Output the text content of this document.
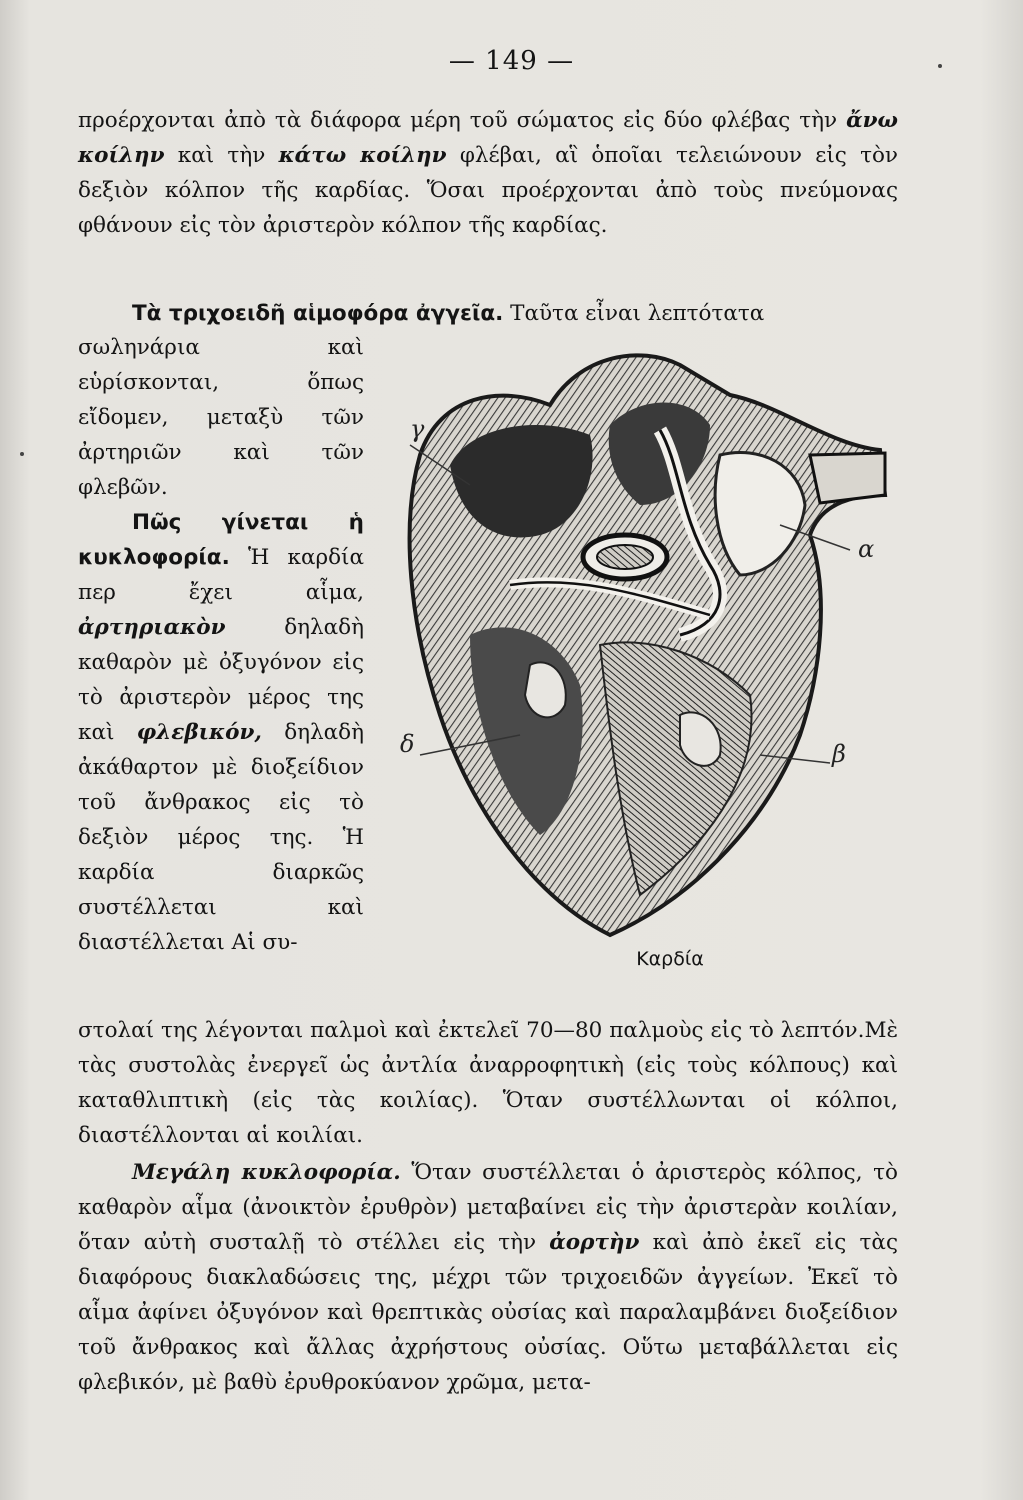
— 149 —

προέρχονται ἀπὸ τὰ διάφορα μέρη τοῦ σώματος εἰς δύο φλέβας τὴν ἄνω κοίλην καὶ τὴν κάτω κοίλην φλέβαι, αἳ ὁποῖαι τελειώνουν εἰς τὸν δεξιὸν κόλπον τῆς καρδίας. Ὅσαι προέρχονται ἀπὸ τοὺς πνεύμονας φθάνουν εἰς τὸν ἀριστερὸν κόλπον τῆς καρδίας.

Τὰ τριχοειδῆ αἱμοφόρα ἀγγεῖα. Ταῦτα εἶναι λεπτότατα

σωληνάρια καὶ εὑρίσκονται, ὅπως εἴδομεν, μεταξὺ τῶν ἀρτηριῶν καὶ τῶν φλεβῶν.

Πῶς γίνεται ἡ κυκλοφορία. Ἡ καρδία περ ἔχει αἷμα, ἀρτηριακὸν	δηλαδὴ καθαρὸν μὲ ὀξυγόνον εἰς τὸ ἀριστερὸν μέρος της καὶ φλεβικόν, δηλαδὴ ἀκάθαρτον μὲ διοξείδιον τοῦ ἄνθρακος εἰς τὸ δεξιὸν μέρος της. Ἡ καρδία διαρκῶς συστέλλεται καὶ διαστέλλεται Αἱ συ-

γ
α
δ	β
Καρδία

στολαί της λέγονται παλμοὶ καὶ ἐκτελεῖ 70—80 παλμοὺς εἰς τὸ λεπτόν.Μὲ τὰς συστολὰς ἐνεργεῖ ὡς ἀντλία ἀναρροφητικὴ (εἰς τοὺς κόλπους) καὶ καταθλιπτικὴ (εἰς τὰς κοιλίας). Ὅταν συστέλλωνται οἱ κόλποι, διαστέλλονται αἱ κοιλίαι.

Μεγάλη κυκλοφορία. Ὅταν συστέλλεται ὁ ἀριστερὸς κόλπος, τὸ καθαρὸν αἷμα (ἀνοικτὸν ἐρυθρὸν) μεταβαίνει εἰς τὴν ἀριστερὰν κοιλίαν, ὅταν αὐτὴ συσταλῇ τὸ στέλλει εἰς τὴν ἀορτὴν καὶ ἀπὸ ἐκεῖ εἰς τὰς διαφόρους διακλαδώσεις της, μέχρι τῶν τριχοειδῶν ἀγγείων. Ἐκεῖ τὸ αἷμα ἀφίνει ὀξυγόνον καὶ θρεπτικὰς οὐσίας καὶ παραλαμβάνει διοξείδιον τοῦ ἄνθρακος καὶ ἄλλας ἀχρήστους οὐσίας. Οὕτω μεταβάλλεται εἰς φλεβικόν, μὲ βαθὺ ἐρυθροκύανον χρῶμα, μετα-
